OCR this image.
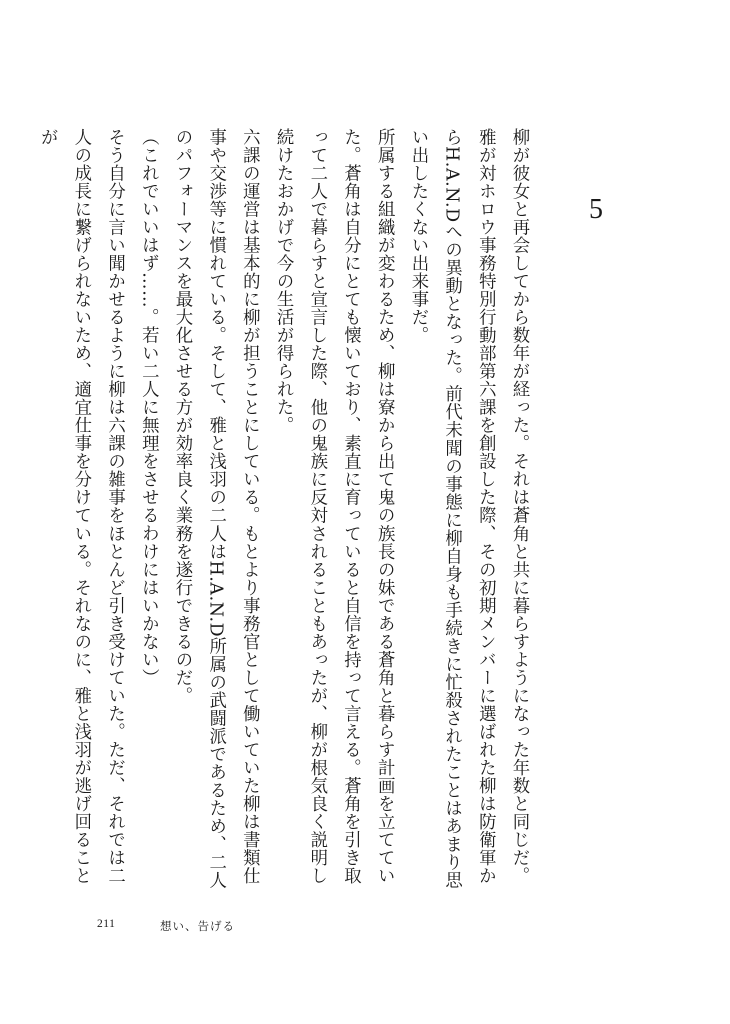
5

柳が彼女と再会してから数年が経った。それは蒼角と共に暮らすようになった年数と同じだ。

雅が対ホロウ事務特別行動部第六課を創設した際、その初期メンバーに選ばれた柳は防衛軍からH.A.N.Dへの異動となった。前代未聞の事態に柳自身も手続きに忙殺されたことはあまり思い出したくない出来事だ。

所属する組織が変わるため、柳は寮から出て鬼の族長の妹である蒼角と暮らす計画を立てていた。蒼角は自分にとても懐いており、素直に育っていると自信を持って言える。蒼角を引き取って二人で暮らすと宣言した際、他の鬼族に反対されることもあったが、柳が根気良く説明し続けたおかげで今の生活が得られた。

六課の運営は基本的に柳が担うことにしている。もとより事務官として働いていた柳は書類仕事や交渉等に慣れている。そして、雅と浅羽の二人はH.A.N.D所属の武闘派であるため、二人のパフォーマンスを最大化させる方が効率良く業務を遂行できるのだ。

（これでいいはず……。若い二人に無理をさせるわけにはいかない）

そう自分に言い聞かせるように柳は六課の雑事をほとんど引き受けていた。ただ、それでは二人の成長に繋げられないため、適宜仕事を分けている。それなのに、雅と浅羽が逃げ回ることが

211	想い、告げる
